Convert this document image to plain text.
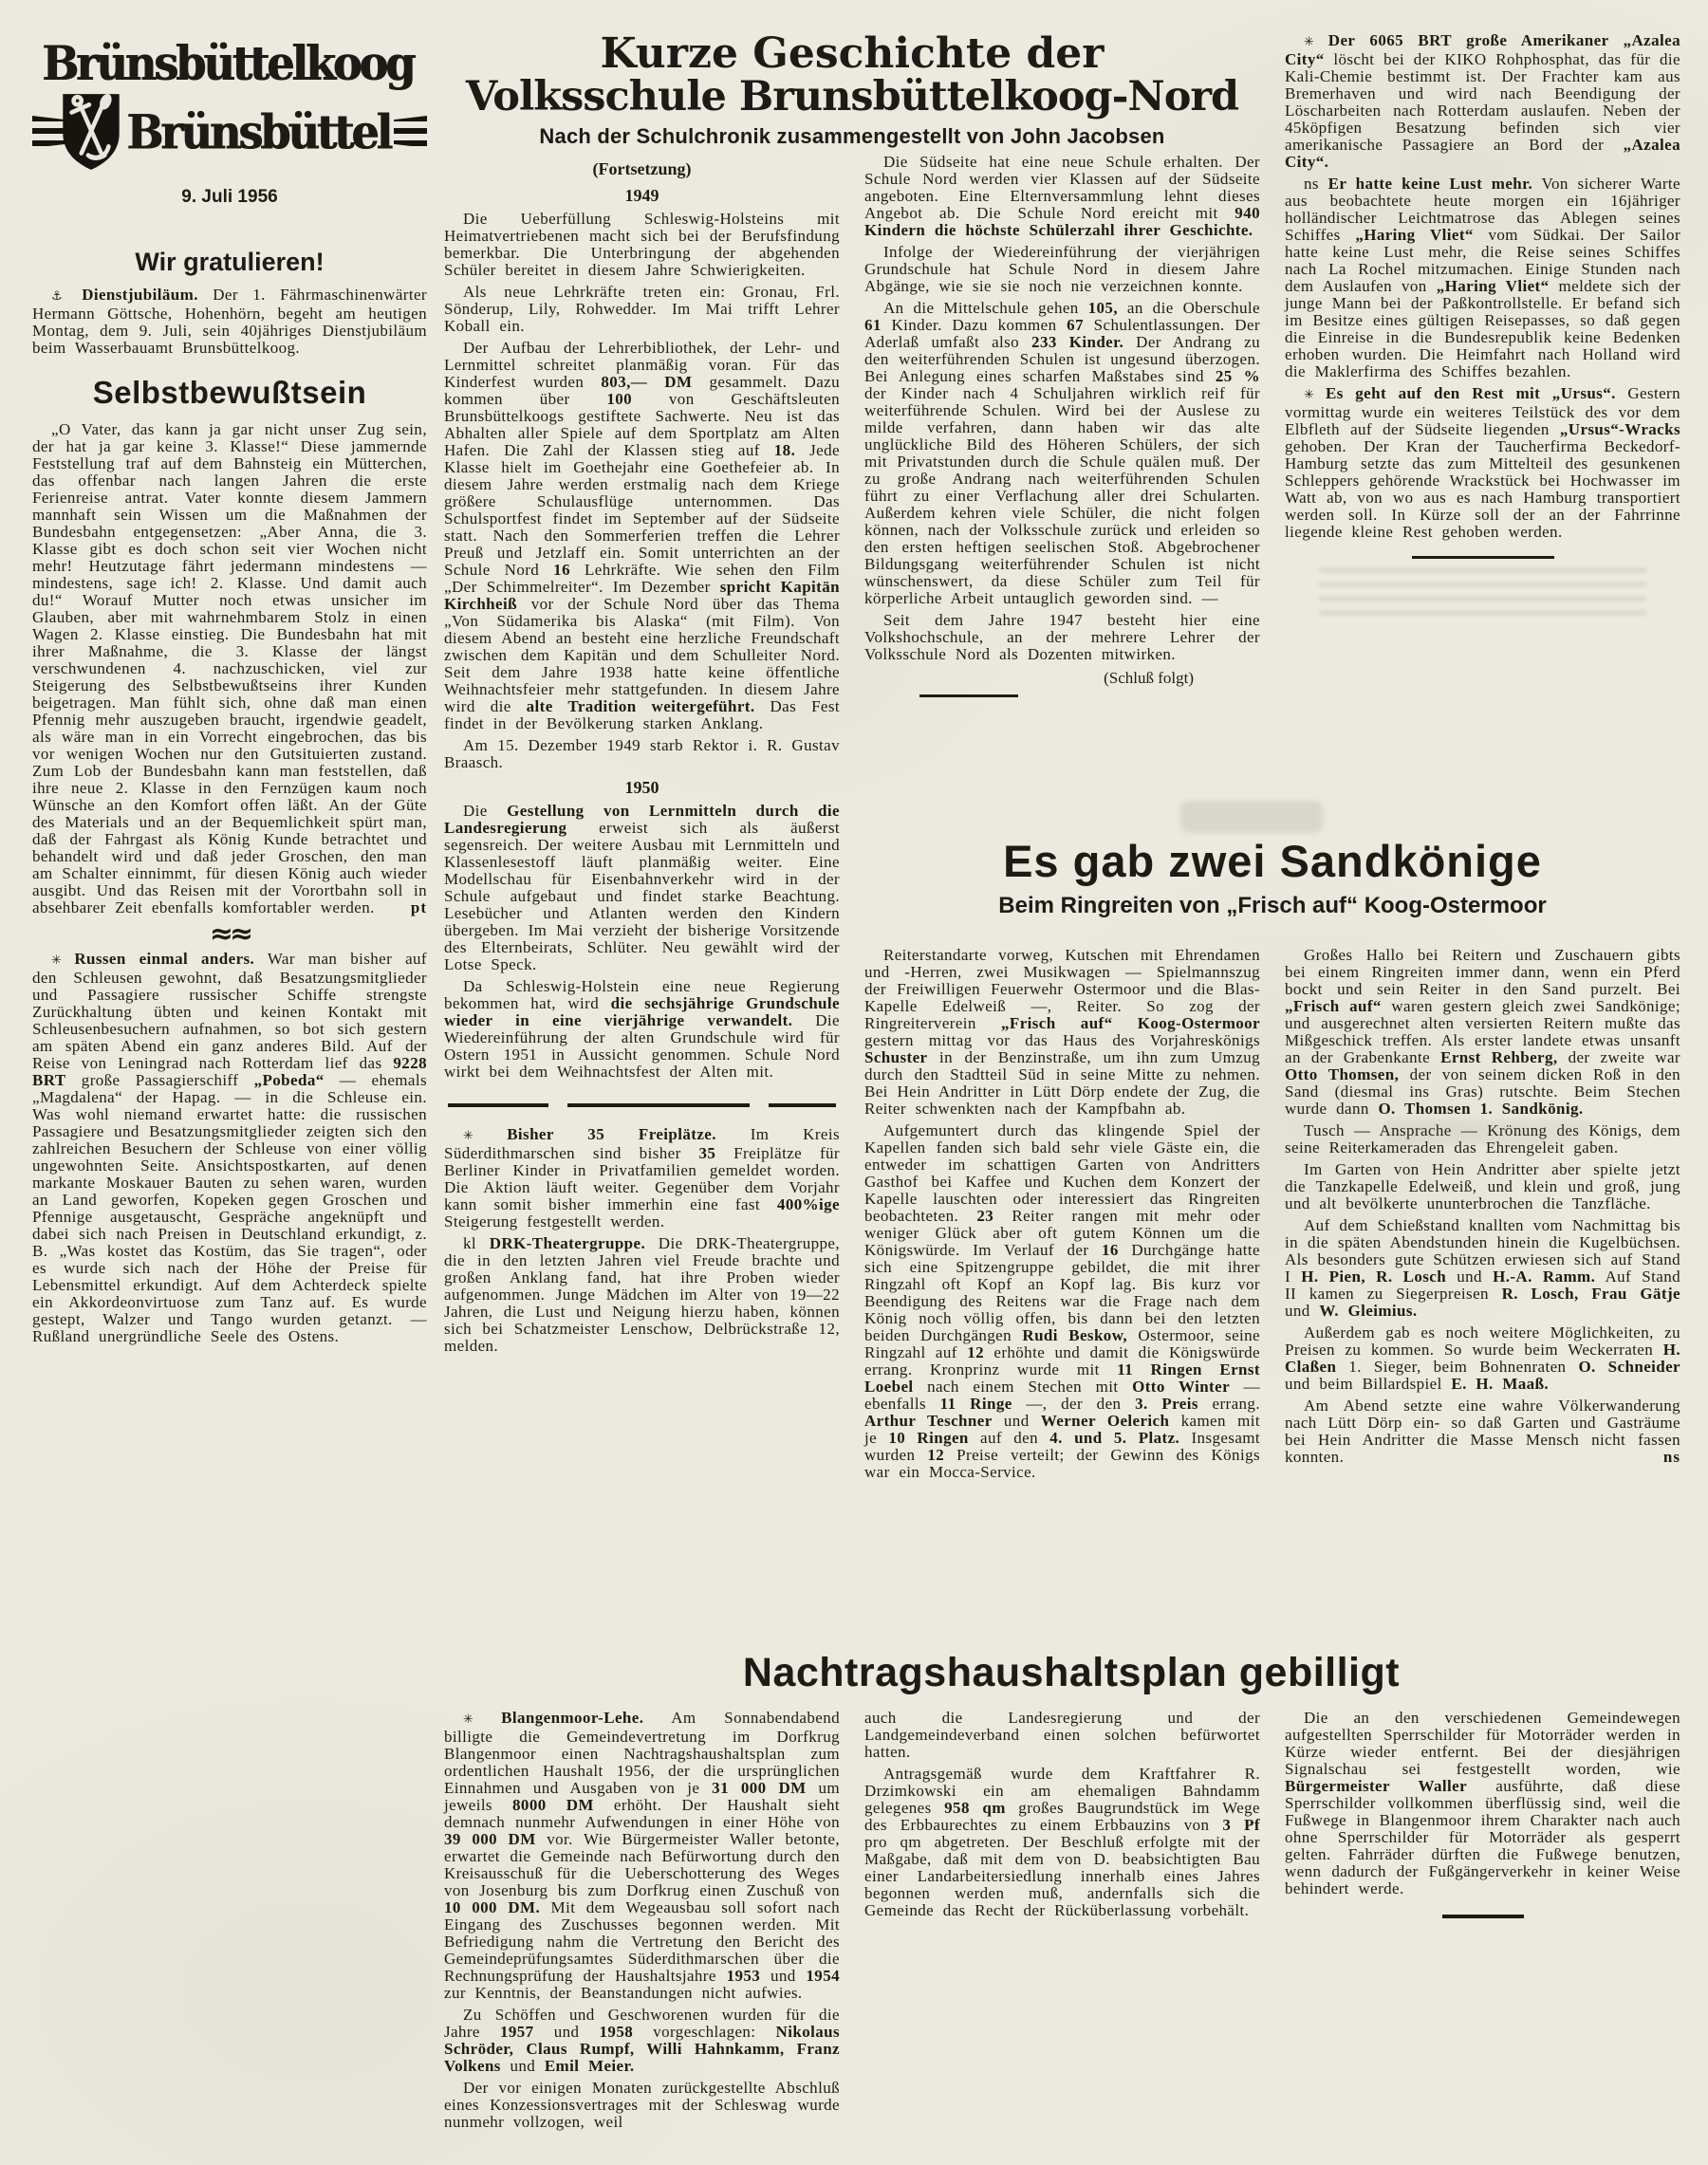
Brünsbüttelkoog
Brünsbüttel
9. Juli 1956
Wir gratulieren!

⚓ Dienstjubiläum. Der 1. Fährmaschinenwärter Hermann Göttsche, Hohenhörn, begeht am heutigen Montag, dem 9. Juli, sein 40jähriges Dienstjubiläum beim Wasserbauamt Brunsbüttelkoog.

Selbstbewußtsein

„O Vater, das kann ja gar nicht unser Zug sein, der hat ja gar keine 3. Klasse!“ Diese jammernde Feststellung traf auf dem Bahnsteig ein Mütterchen, das offenbar nach langen Jahren die erste Ferienreise antrat. Vater konnte diesem Jammern mannhaft sein Wissen um die Maßnahmen der Bundesbahn entgegensetzen: „Aber Anna, die 3. Klasse gibt es doch schon seit vier Wochen nicht mehr! Heutzutage fährt jedermann mindestens — mindestens, sage ich! 2. Klasse. Und damit auch du!“ Worauf Mutter noch etwas unsicher im Glauben, aber mit wahrnehmbarem Stolz in einen Wagen 2. Klasse einstieg. Die Bundesbahn hat mit ihrer Maßnahme, die 3. Klasse der längst verschwundenen 4. nachzuschicken, viel zur Steigerung des Selbstbewußtseins ihrer Kunden beigetragen. Man fühlt sich, ohne daß man einen Pfennig mehr auszugeben braucht, irgendwie geadelt, als wäre man in ein Vorrecht eingebrochen, das bis vor wenigen Wochen nur den Gutsituierten zustand. Zum Lob der Bundesbahn kann man feststellen, daß ihre neue 2. Klasse in den Fernzügen kaum noch Wünsche an den Komfort offen läßt. An der Güte des Materials und an der Bequemlichkeit spürt man, daß der Fahrgast als König Kunde betrachtet und behandelt wird und daß jeder Groschen, den man am Schalter einnimmt, für diesen König auch wieder ausgibt. Und das Reisen mit der Vorortbahn soll in absehbarer Zeit ebenfalls komfortabler werden.	pt

≈≈

✳ Russen einmal anders. War man bisher auf den Schleusen gewohnt, daß Besatzungsmitglieder und Passagiere russischer Schiffe strengste Zurückhaltung übten und keinen Kontakt mit Schleusenbesuchern aufnahmen, so bot sich gestern am späten Abend ein ganz anderes Bild. Auf der Reise von Leningrad nach Rotterdam lief das 9228 BRT große Passagierschiff „Pobeda“ — ehemals „Magdalena“ der Hapag. — in die Schleuse ein. Was wohl niemand erwartet hatte: die russischen Passagiere und Besatzungsmitglieder zeigten sich den zahlreichen Besuchern der Schleuse von einer völlig ungewohnten Seite. Ansichtspostkarten, auf denen markante Moskauer Bauten zu sehen waren, wurden an Land geworfen, Kopeken gegen Groschen und Pfennige ausgetauscht, Gespräche angeknüpft und dabei sich nach Preisen in Deutschland erkundigt, z. B. „Was kostet das Kostüm, das Sie tragen“, oder es wurde sich nach der Höhe der Preise für Lebensmittel erkundigt. Auf dem Achterdeck spielte ein Akkordeonvirtuose zum Tanz auf. Es wurde gestept, Walzer und Tango wurden getanzt. — Rußland unergründliche Seele des Ostens.

Kurze Geschichte der
Volksschule Brunsbüttelkoog-Nord
Nach der Schulchronik zusammengestellt von John Jacobsen
(Fortsetzung)
1949

Die Ueberfüllung Schleswig-Holsteins mit Heimatvertriebenen macht sich bei der Berufsfindung bemerkbar. Die Unterbringung der abgehenden Schüler bereitet in diesem Jahre Schwierigkeiten.

Als neue Lehrkräfte treten ein: Gronau, Frl. Sönderup, Lily, Rohwedder. Im Mai trifft Lehrer Koball ein.

Der Aufbau der Lehrerbibliothek, der Lehr- und Lernmittel schreitet planmäßig voran. Für das Kinderfest wurden 803,— DM gesammelt. Dazu kommen über 100 von Geschäftsleuten Brunsbüttelkoogs gestiftete Sachwerte. Neu ist das Abhalten aller Spiele auf dem Sportplatz am Alten Hafen. Die Zahl der Klassen stieg auf 18. Jede Klasse hielt im Goethejahr eine Goethefeier ab. In diesem Jahre werden erstmalig nach dem Kriege größere Schulausflüge unternommen. Das Schulsportfest findet im September auf der Südseite statt. Nach den Sommerferien treffen die Lehrer Preuß und Jetzlaff ein. Somit unterrichten an der Schule Nord 16 Lehrkräfte. Wie sehen den Film „Der Schimmelreiter“. Im Dezember spricht Kapitän Kirchheiß vor der Schule Nord über das Thema „Von Südamerika bis Alaska“ (mit Film). Von diesem Abend an besteht eine herzliche Freundschaft zwischen dem Kapitän und dem Schulleiter Nord. Seit dem Jahre 1938 hatte keine öffentliche Weihnachtsfeier mehr stattgefunden. In diesem Jahre wird die alte Tradition weitergeführt. Das Fest findet in der Bevölkerung starken Anklang.

Am 15. Dezember 1949 starb Rektor i. R. Gustav Braasch.

1950

Die Gestellung von Lernmitteln durch die Landesregierung erweist sich als äußerst segensreich. Der weitere Ausbau mit Lernmitteln und Klassenlesestoff läuft planmäßig weiter. Eine Modellschau für Eisenbahnverkehr wird in der Schule aufgebaut und findet starke Beachtung. Lesebücher und Atlanten werden den Kindern übergeben. Im Mai verzieht der bisherige Vorsitzende des Elternbeirats, Schlüter. Neu gewählt wird der Lotse Speck.

Da Schleswig-Holstein eine neue Regierung bekommen hat, wird die sechsjährige Grundschule wieder in eine vierjährige verwandelt. Die Wiedereinführung der alten Grundschule wird für Ostern 1951 in Aussicht genommen. Schule Nord wirkt bei dem Weihnachtsfest der Alten mit.

✳ Bisher 35 Freiplätze. Im Kreis Süderdithmarschen sind bisher 35 Freiplätze für Berliner Kinder in Privatfamilien gemeldet worden. Die Aktion läuft weiter. Gegenüber dem Vorjahr kann somit bisher immerhin eine fast 400%ige Steigerung festgestellt werden.

kl DRK-Theatergruppe. Die DRK-Theatergruppe, die in den letzten Jahren viel Freude brachte und großen Anklang fand, hat ihre Proben wieder aufgenommen. Junge Mädchen im Alter von 19—22 Jahren, die Lust und Neigung hierzu haben, können sich bei Schatzmeister Lenschow, Delbrückstraße 12, melden.

Die Südseite hat eine neue Schule erhalten. Der Schule Nord werden vier Klassen auf der Südseite angeboten. Eine Elternversammlung lehnt dieses Angebot ab. Die Schule Nord ereicht mit 940 Kindern die höchste Schülerzahl ihrer Geschichte.

Infolge der Wiedereinführung der vierjährigen Grundschule hat Schule Nord in diesem Jahre Abgänge, wie sie sie noch nie verzeichnen konnte.

An die Mittelschule gehen 105, an die Oberschule 61 Kinder. Dazu kommen 67 Schulentlassungen. Der Aderlaß umfaßt also 233 Kinder. Der Andrang zu den weiterführenden Schulen ist ungesund überzogen. Bei Anlegung eines scharfen Maßstabes sind 25 % der Kinder nach 4 Schuljahren wirklich reif für weiterführende Schulen. Wird bei der Auslese zu milde verfahren, dann haben wir das alte unglückliche Bild des Höheren Schülers, der sich mit Privatstunden durch die Schule quälen muß. Der zu große Andrang nach weiterführenden Schulen führt zu einer Verflachung aller drei Schularten. Außerdem kehren viele Schüler, die nicht folgen können, nach der Volksschule zurück und erleiden so den ersten heftigen seelischen Stoß. Abgebrochener Bildungsgang weiterführender Schulen ist nicht wünschenswert, da diese Schüler zum Teil für körperliche Arbeit untauglich geworden sind. —

Seit dem Jahre 1947 besteht hier eine Volkshochschule, an der mehrere Lehrer der Volksschule Nord als Dozenten mitwirken.

(Schluß folgt)

✳ Der 6065 BRT große Amerikaner „Azalea City“ löscht bei der KIKO Rohphosphat, das für die Kali-Chemie bestimmt ist. Der Frachter kam aus Bremerhaven und wird nach Beendigung der Löscharbeiten nach Rotterdam auslaufen. Neben der 45köpfigen Besatzung befinden sich vier amerikanische Passagiere an Bord der „Azalea City“.

ns Er hatte keine Lust mehr. Von sicherer Warte aus beobachtete heute morgen ein 16jähriger holländischer Leichtmatrose das Ablegen seines Schiffes „Haring Vliet“ vom Südkai. Der Sailor hatte keine Lust mehr, die Reise seines Schiffes nach La Rochel mitzumachen. Einige Stunden nach dem Auslaufen von „Haring Vliet“ meldete sich der junge Mann bei der Paßkontrollstelle. Er befand sich im Besitze eines gültigen Reisepasses, so daß gegen die Einreise in die Bundesrepublik keine Bedenken erhoben wurden. Die Heimfahrt nach Holland wird die Maklerfirma des Schiffes bezahlen.

✳ Es geht auf den Rest mit „Ursus“. Gestern vormittag wurde ein weiteres Teilstück des vor dem Elbfleth auf der Südseite liegenden „Ursus“-Wracks gehoben. Der Kran der Taucherfirma Beckedorf-Hamburg setzte das zum Mittelteil des gesunkenen Schleppers gehörende Wrackstück bei Hochwasser im Watt ab, von wo aus es nach Hamburg transportiert werden soll. In Kürze soll der an der Fahrrinne liegende kleine Rest gehoben werden.

Es gab zwei Sandkönige
Beim Ringreiten von „Frisch auf“ Koog-Ostermoor

Reiterstandarte vorweg, Kutschen mit Ehrendamen und -Herren, zwei Musikwagen — Spielmannszug der Freiwilligen Feuerwehr Ostermoor und die Blas-Kapelle Edelweiß —, Reiter. So zog der Ringreiterverein „Frisch auf“ Koog-Ostermoor gestern mittag vor das Haus des Vorjahreskönigs Schuster in der Benzinstraße, um ihn zum Umzug durch den Stadtteil Süd in seine Mitte zu nehmen. Bei Hein Andritter in Lütt Dörp endete der Zug, die Reiter schwenkten nach der Kampfbahn ab.

Aufgemuntert durch das klingende Spiel der Kapellen fanden sich bald sehr viele Gäste ein, die entweder im schattigen Garten von Andritters Gasthof bei Kaffee und Kuchen dem Konzert der Kapelle lauschten oder interessiert das Ringreiten beobachteten. 23 Reiter rangen mit mehr oder weniger Glück aber oft gutem Können um die Königswürde. Im Verlauf der 16 Durchgänge hatte sich eine Spitzengruppe gebildet, die mit ihrer Ringzahl oft Kopf an Kopf lag. Bis kurz vor Beendigung des Reitens war die Frage nach dem König noch völlig offen, bis dann bei den letzten beiden Durchgängen Rudi Beskow, Ostermoor, seine Ringzahl auf 12 erhöhte und damit die Königswürde errang. Kronprinz wurde mit 11 Ringen Ernst Loebel nach einem Stechen mit Otto Winter — ebenfalls 11 Ringe —, der den 3. Preis errang. Arthur Teschner und Werner Oelerich kamen mit je 10 Ringen auf den 4. und 5. Platz. Insgesamt wurden 12 Preise verteilt; der Gewinn des Königs war ein Mocca-Service.

Großes Hallo bei Reitern und Zuschauern gibts bei einem Ringreiten immer dann, wenn ein Pferd bockt und sein Reiter in den Sand purzelt. Bei „Frisch auf“ waren gestern gleich zwei Sandkönige; und ausgerechnet alten versierten Reitern mußte das Mißgeschick treffen. Als erster landete etwas unsanft an der Grabenkante Ernst Rehberg, der zweite war Otto Thomsen, der von seinem dicken Roß in den Sand (diesmal ins Gras) rutschte. Beim Stechen wurde dann O. Thomsen 1. Sandkönig.

Tusch — Ansprache — Krönung des Königs, dem seine Reiterkameraden das Ehrengeleit gaben.

Im Garten von Hein Andritter aber spielte jetzt die Tanzkapelle Edelweiß, und klein und groß, jung und alt bevölkerte ununterbrochen die Tanzfläche.

Auf dem Schießstand knallten vom Nachmittag bis in die späten Abendstunden hinein die Kugelbüchsen. Als besonders gute Schützen erwiesen sich auf Stand I H. Pien, R. Losch und H.-A. Ramm. Auf Stand II kamen zu Siegerpreisen R. Losch, Frau Gätje und W. Gleimius.

Außerdem gab es noch weitere Möglichkeiten, zu Preisen zu kommen. So wurde beim Weckerraten H. Claßen 1. Sieger, beim Bohnenraten O. Schneider und beim Billardspiel E. H. Maaß.

Am Abend setzte eine wahre Völkerwanderung nach Lütt Dörp ein- so daß Garten und Gasträume bei Hein Andritter die Masse Mensch nicht fassen konnten.	ns

Nachtragshaushaltsplan gebilligt

✳ Blangenmoor-Lehe. Am Sonnabendabend billigte die Gemeindevertretung im Dorfkrug Blangenmoor einen Nachtragshaushaltsplan zum ordentlichen Haushalt 1956, der die ursprünglichen Einnahmen und Ausgaben von je 31 000 DM um jeweils 8000 DM erhöht. Der Haushalt sieht demnach nunmehr Aufwendungen in einer Höhe von 39 000 DM vor. Wie Bürgermeister Waller betonte, erwartet die Gemeinde nach Befürwortung durch den Kreisausschuß für die Ueberschotterung des Weges von Josenburg bis zum Dorfkrug einen Zuschuß von 10 000 DM. Mit dem Wegeausbau soll sofort nach Eingang des Zuschusses begonnen werden. Mit Befriedigung nahm die Vertretung den Bericht des Gemeindeprüfungsamtes Süderdithmarschen über die Rechnungsprüfung der Haushaltsjahre 1953 und 1954 zur Kenntnis, der Beanstandungen nicht aufwies.

Zu Schöffen und Geschworenen wurden für die Jahre 1957 und 1958 vorgeschlagen: Nikolaus Schröder, Claus Rumpf, Willi Hahnkamm, Franz Volkens und Emil Meier.

Der vor einigen Monaten zurückgestellte Abschluß eines Konzessionsvertrages mit der Schleswag wurde nunmehr vollzogen, weil

auch die Landesregierung und der Landgemeindeverband einen solchen befürwortet hatten.

Antragsgemäß wurde dem Kraftfahrer R. Drzimkowski ein am ehemaligen Bahndamm gelegenes 958 qm großes Baugrundstück im Wege des Erbbaurechtes zu einem Erbbauzins von 3 Pf pro qm abgetreten. Der Beschluß erfolgte mit der Maßgabe, daß mit dem von D. beabsichtigten Bau einer Landarbeitersiedlung innerhalb eines Jahres begonnen werden muß, andernfalls sich die Gemeinde das Recht der Rücküberlassung vorbehält.

Die an den verschiedenen Gemeindewegen aufgestellten Sperrschilder für Motorräder werden in Kürze wieder entfernt. Bei der diesjährigen Signalschau sei festgestellt worden, wie Bürgermeister Waller ausführte, daß diese Sperrschilder vollkommen überflüssig sind, weil die Fußwege in Blangenmoor ihrem Charakter nach auch ohne Sperrschilder für Motorräder als gesperrt gelten. Fahrräder dürften die Fußwege benutzen, wenn dadurch der Fußgängerverkehr in keiner Weise behindert werde.
